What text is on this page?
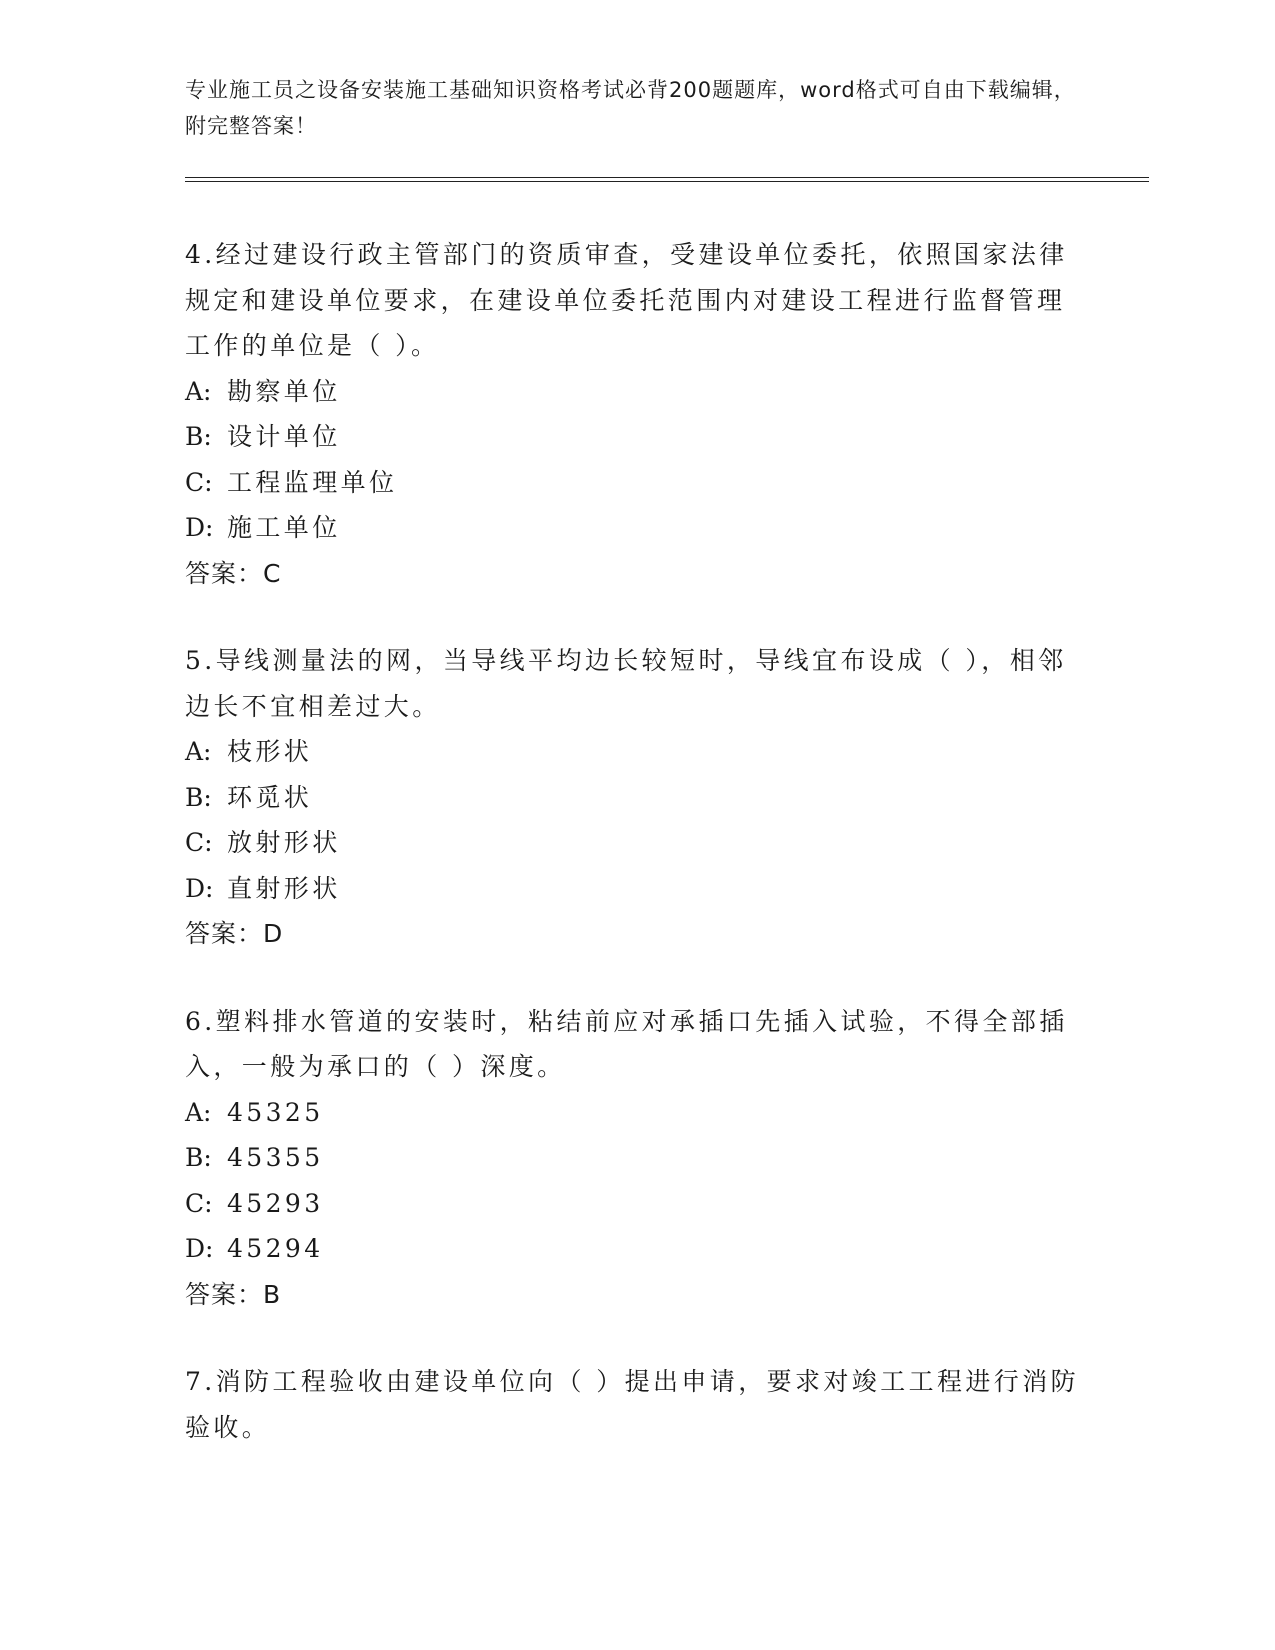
专业施工员之设备安装施工基础知识资格考试必背200题题库，word格式可自由下载编辑，附完整答案！

4.经过建设行政主管部门的资质审查，受建设单位委托，依照国家法律规定和建设单位要求，在建设单位委托范围内对建设工程进行监督管理工作的单位是（ ）。

A: 勘察单位

B: 设计单位

C: 工程监理单位

D: 施工单位

答案：C

5.导线测量法的网，当导线平均边长较短时，导线宜布设成（ ），相邻边长不宜相差过大。

A: 枝形状

B: 环觅状

C: 放射形状

D: 直射形状

答案：D

6.塑料排水管道的安装时，粘结前应对承插口先插入试验，不得全部插入，一般为承口的（ ）深度。

A: 45325

B: 45355

C: 45293

D: 45294

答案：B

7.消防工程验收由建设单位向（ ）提出申请，要求对竣工工程进行消防验收。
